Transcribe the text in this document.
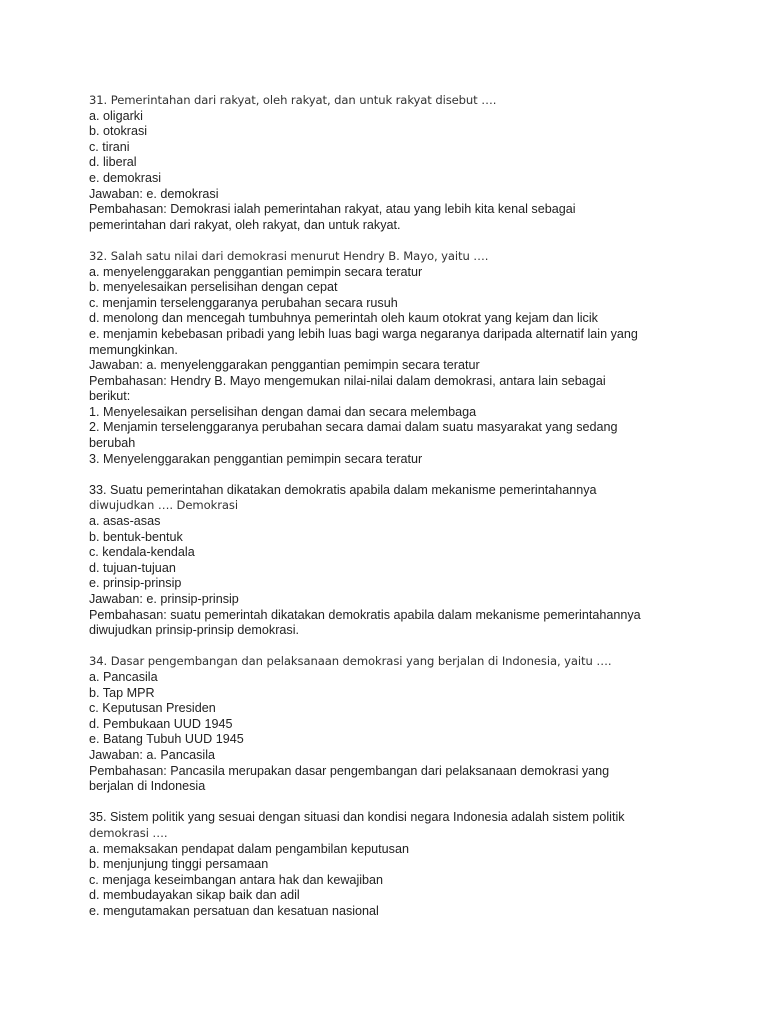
31. Pemerintahan dari rakyat, oleh rakyat, dan untuk rakyat disebut ….
a. oligarki
b. otokrasi
c. tirani
d. liberal
e. demokrasi
Jawaban: e. demokrasi
Pembahasan: Demokrasi ialah pemerintahan rakyat, atau yang lebih kita kenal sebagai
pemerintahan dari rakyat, oleh rakyat, dan untuk rakyat.
32. Salah satu nilai dari demokrasi menurut Hendry B. Mayo, yaitu ….
a. menyelenggarakan penggantian pemimpin secara teratur
b. menyelesaikan perselisihan dengan cepat
c. menjamin terselenggaranya perubahan secara rusuh
d. menolong dan mencegah tumbuhnya pemerintah oleh kaum otokrat yang kejam dan licik
e. menjamin kebebasan pribadi yang lebih luas bagi warga negaranya daripada alternatif lain yang
memungkinkan.
Jawaban: a. menyelenggarakan penggantian pemimpin secara teratur
Pembahasan: Hendry B. Mayo mengemukan nilai-nilai dalam demokrasi, antara lain sebagai
berikut:
1. Menyelesaikan perselisihan dengan damai dan secara melembaga
2. Menjamin terselenggaranya perubahan secara damai dalam suatu masyarakat yang sedang
berubah
3. Menyelenggarakan penggantian pemimpin secara teratur
33. Suatu pemerintahan dikatakan demokratis apabila dalam mekanisme pemerintahannya
diwujudkan …. Demokrasi
a. asas-asas
b. bentuk-bentuk
c. kendala-kendala
d. tujuan-tujuan
e. prinsip-prinsip
Jawaban: e. prinsip-prinsip
Pembahasan: suatu pemerintah dikatakan demokratis apabila dalam mekanisme pemerintahannya
diwujudkan prinsip-prinsip demokrasi.
34. Dasar pengembangan dan pelaksanaan demokrasi yang berjalan di Indonesia, yaitu ….
a. Pancasila
b. Tap MPR
c. Keputusan Presiden
d. Pembukaan UUD 1945
e. Batang Tubuh UUD 1945
Jawaban: a. Pancasila
Pembahasan: Pancasila merupakan dasar pengembangan dari pelaksanaan demokrasi yang
berjalan di Indonesia
35. Sistem politik yang sesuai dengan situasi dan kondisi negara Indonesia adalah sistem politik
demokrasi ….
a. memaksakan pendapat dalam pengambilan keputusan
b. menjunjung tinggi persamaan
c. menjaga keseimbangan antara hak dan kewajiban
d. membudayakan sikap baik dan adil
e. mengutamakan persatuan dan kesatuan nasional
